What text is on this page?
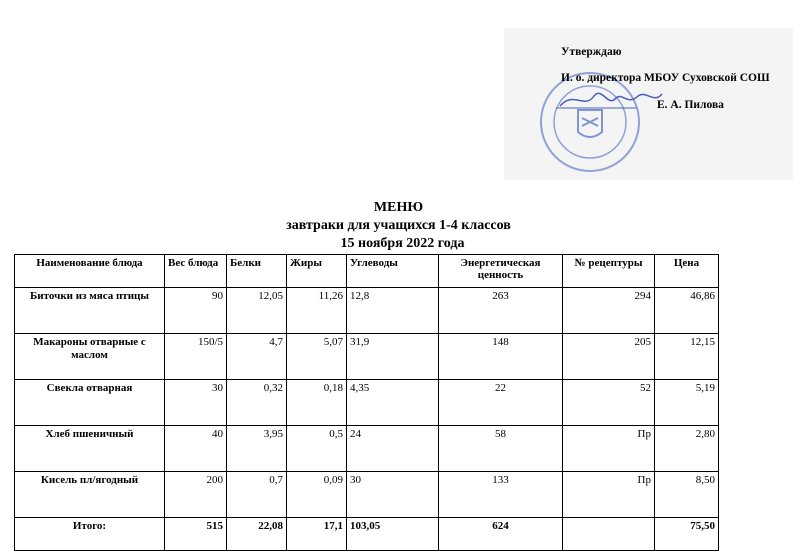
Утверждаю
И. о. директора МБОУ Суховской СОШ
Е. А. Пилова
МЕНЮ
завтраки для учащихся 1-4 классов
15 ноября 2022 года
Наименование блюда	Вес блюда	Белки	Жиры	Углеводы	Энергетическая ценность	№ рецептуры	Цена
Биточки из мяса птицы	90	12,05	11,26	12,8	263	294	46,86
Макароны отварные с маслом	150/5	4,7	5,07	31,9	148	205	12,15
Свекла отварная	30	0,32	0,18	4,35	22	52	5,19
Хлеб пшеничный	40	3,95	0,5	24	58	Пр	2,80
Кисель пл/ягодный	200	0,7	0,09	30	133	Пр	8,50
Итого:	515	22,08	17,1	103,05	624		75,50
